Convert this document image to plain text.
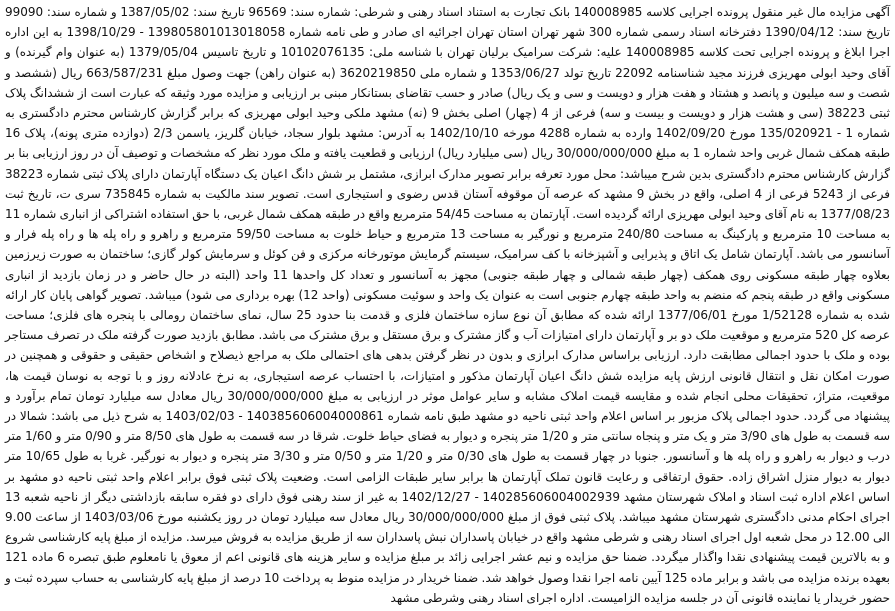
آگهی مزایده مال غیر منقول پرونده اجرایی کلاسه 140008985 بانک تجارت به استناد اسناد رهنی و شرطی: شماره سند: 96569 تاریخ سند: 1387/05/02 و شماره سند: 99090 تاریخ سند: 1390/04/12 دفترخانه اسناد رسمی شماره 300 شهر تهران استان تهران اجرائیه ای صادر و طی نامه شماره 139805801013018058 - 1398/10/29 به این اداره اجرا ابلاغ و پرونده اجرایی تحت کلاسه 140008985 علیه: شرکت سرامیک برلیان تهران با شناسه ملی: 10102076135 و تاریخ تاسیس 1379/05/04 (به عنوان وام گیرنده) و آقای وحید ابولی مهریزی فرزند مجید شناسنامه 22092 تاریخ تولد 1353/06/27 و شماره ملی 3620219850 (به عنوان راهن) جهت وصول مبلغ 663/587/231 ریال (ششصد و شصت و سه میلیون و پانصد و هشتاد و هفت هزار و دویست و سی و یک ریال) صادر و حسب تقاضای بستانکار مبنی بر ارزیابی و مزایده مورد وثیقه که عبارت است از ششدانگ پلاک ثبتی 38223 (سی و هشت هزار و دویست و بیست و سه) فرعی از 4 (چهار) اصلی بخش 9 (نه) مشهد ملکی وحید ابولی مهریزی که برابر گزارش کارشناس محترم دادگستری به شماره 1 - 135/020921 مورخ 1402/09/20 وارده به شماره 4288 مورخه 1402/10/10 به آدرس: مشهد بلوار سجاد، خیابان گلریز، یاسمن 2/3 (دوازده متری پونه)، پلاک 16 طبقه همکف شمال غربی واحد شماره 1 به مبلغ 30/000/000/000 ریال (سی میلیارد ریال) ارزیابی و قطعیت یافته و ملک مورد نظر که مشخصات و توصیف آن در روز ارزیابی بنا بر گزارش کارشناس محترم دادگستری بدین شرح میباشد: محل مورد تعرفه برابر تصویر مدارک ابرازی، مشتمل بر شش دانگ اعیان یک دستگاه آپارتمان دارای پلاک ثبتی شماره 38223 فرعی از 5243 فرعی از 4 اصلی، واقع در بخش 9 مشهد که عرصه آن موقوفه آستان قدس رضوی و استیجاری است. تصویر سند مالکیت به شماره 735845 سری ت، تاریخ ثبت 1377/08/23 به نام آقای وحید ابولی مهریزی ارائه گردیده است. آپارتمان به مساحت 54/45 مترمربع واقع در طبقه همکف شمال غربی، با حق استفاده اشتراکی از انباری شماره 11 به مساحت 10 مترمربع و پارکینگ به مساحت 240/80 مترمربع و نورگیر به مساحت 13 مترمربع و حیاط خلوت به مساحت 59/50 مترمربع و راهرو و راه پله ها و راه پله فرار و آسانسور می باشد. آپارتمان شامل یک اتاق و پذیرایی و آشپزخانه با کف سرامیک، سیستم گرمایش موتورخانه مرکزی و فن کوئل و سرمایش کولر گازی؛ ساختمان به صورت زیرزمین بعلاوه چهار طبقه مسکونی روی همکف (چهار طبقه شمالی و چهار طبقه جنوبی) مجهز به آسانسور و تعداد کل واحدها 11 واحد (البته در حال حاضر و در زمان بازدید از انباری مسکونی واقع در طبقه پنجم که منضم به واحد طبقه چهارم جنوبی است به عنوان یک واحد و سوئیت مسکونی (واحد 12) بهره برداری می شود) میباشد. تصویر گواهی پایان کار ارائه شده به شماره 1/52128 مورخ 1377/06/01 ارائه شده که مطابق آن نوع سازه ساختمان فلزی و قدمت بنا حدود 25 سال، نمای ساختمان رومالی با پنجره های فلزی؛ مساحت عرصه کل 520 مترمربع و موقعیت ملک دو بر و آپارتمان دارای امتیازات آب و گاز مشترک و برق مستقل و برق مشترک می باشد. مطابق بازدید صورت گرفته ملک در تصرف مستاجر بوده و ملک با حدود اجمالی مطابقت دارد. ارزیابی براساس مدارک ابرازی و بدون در نظر گرفتن بدهی های احتمالی ملک به مراجع ذیصلاح و اشخاص حقیقی و حقوقی و همچنین در صورت امکان نقل و انتقال قانونی ارزش پایه مزایده شش دانگ اعیان آپارتمان مذکور و امتیازات، با احتساب عرصه استیجاری، به نرخ عادلانه روز و با توجه به نوسان قیمت ها، موقعیت، متراژ، تحقیقات محلی انجام شده و مقایسه قیمت املاک مشابه و سایر عوامل موثر در ارزیابی به مبلغ 30/000/000/000 ریال معادل سه میلیارد تومان تمام برآورد و پیشنهاد می گردد. حدود اجمالی پلاک مزبور بر اساس اعلام واحد ثبتی ناحیه دو مشهد طبق نامه شماره 140385606004000861 - 1403/02/03 به شرح ذیل می باشد: شمالا در سه قسمت به طول های 3/90 متر و یک متر و پنجاه سانتی متر و 1/20 متر پنجره و دیوار به فضای حیاط خلوت. شرقا در سه قسمت به طول های 8/50 متر و 0/90 متر و 1/60 متر درب و دیوار به راهرو و راه پله ها و آسانسور. جنوبا در چهار قسمت به طول های 0/30 متر و 1/20 متر و 0/50 متر و 3/30 متر پنجره و دیوار به نورگیر. غربا به طول 10/65 متر دیوار به دیوار منزل اشراق زاده. حقوق ارتفاقی و رعایت قانون تملک آپارتمان ها برابر سایر طبقات الزامی است. وضعیت پلاک ثبتی فوق برابر اعلام واحد ثبتی ناحیه دو مشهد بر اساس اعلام اداره ثبت اسناد و املاک شهرستان مشهد 140285606004002939 - 1402/12/27 به غیر از سند رهنی فوق دارای دو فقره سابقه بازداشتی دیگر از ناحیه شعبه 13 اجرای احکام مدنی دادگستری شهرستان مشهد میباشد. پلاک ثبتی فوق از مبلغ 30/000/000/000 ریال معادل سه میلیارد تومان در روز یکشنبه مورخ 1403/03/06 از ساعت 9.00 الی 12.00 در محل شعبه اول اجرای اسناد رهنی و شرطی مشهد واقع در خیابان پاسداران نبش پاسداران سه از طریق مزایده به فروش میرسد. مزایده از مبلغ پایه کارشناسی شروع و به بالاترین قیمت پیشنهادی نقدا واگذار میگردد. ضمنا حق مزایده و نیم عشر اجرایی زائد بر مبلغ مزایده و سایر هزینه های قانونی اعم از معوق یا نامعلوم طبق تبصره 6 ماده 121 بعهده برنده مزایده می باشد و برابر ماده 125 آیین نامه اجرا نقدا وصول خواهد شد. ضمنا خریدار در مزایده منوط به پرداخت 10 درصد از مبلغ پایه کارشناسی به حساب سپرده ثبت و حضور خریدار یا نماینده قانونی آن در جلسه مزایده الزامیست. اداره اجرای اسناد رهنی وشرطی مشهد
